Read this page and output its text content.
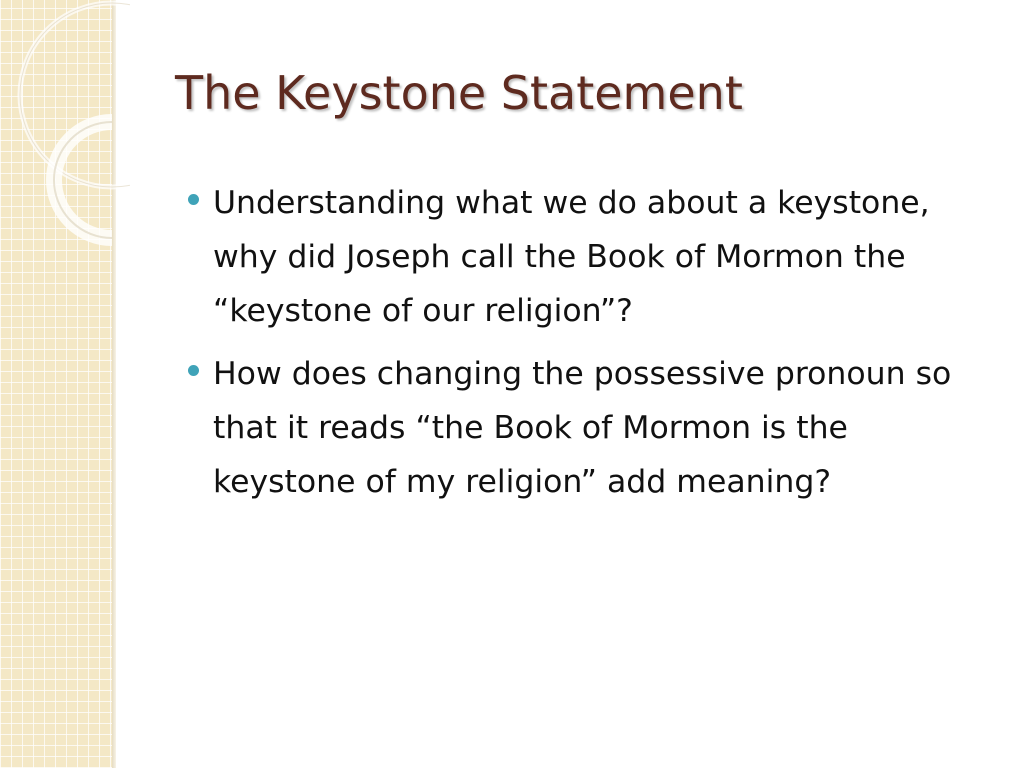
The Keystone Statement
Understanding what we do about a keystone, why did Joseph call the Book of Mormon the “keystone of our religion”?
How does changing the possessive pronoun so that it reads “the Book of Mormon is the keystone of my religion” add meaning?
